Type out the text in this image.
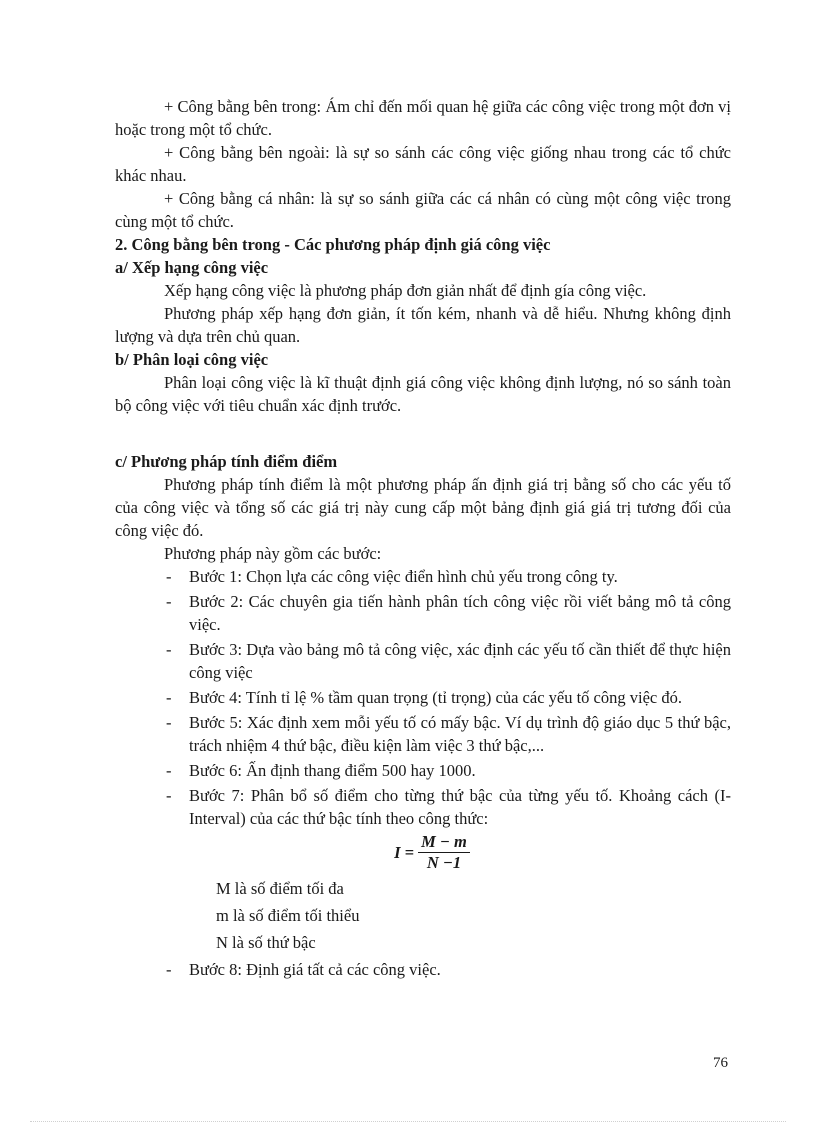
+ Công bằng bên trong: Ám chỉ đến mối quan hệ giữa các công việc trong một đơn vị hoặc trong một tổ chức.

+ Công bằng bên ngoài: là sự so sánh các công việc giống nhau trong các tổ chức khác nhau.

+ Công bằng cá nhân: là sự so sánh giữa các cá nhân có cùng một công việc trong cùng một tổ chức.

2. Công bằng bên trong - Các phương pháp định giá công việc

a/ Xếp hạng công việc

Xếp hạng công việc là phương pháp đơn giản nhất để định gía công việc.

Phương pháp xếp hạng đơn giản, ít tốn kém, nhanh và dễ hiểu. Nhưng không định lượng và dựa trên chủ quan.

b/ Phân loại công việc

Phân loại công việc là kĩ thuật định giá công việc không định lượng, nó so sánh toàn bộ công việc với tiêu chuẩn xác định trước.

c/ Phương pháp tính điểm điểm

Phương pháp tính điểm là một phương pháp ấn định giá trị bằng số cho các yếu tố của công việc và tổng số các giá trị này cung cấp một bảng định giá giá trị tương đối của công việc đó.

Phương pháp này gồm các bước:

- Bước 1: Chọn lựa các công việc điển hình chủ yếu trong công ty.
- Bước 2: Các chuyên gia tiến hành phân tích công việc rồi viết bảng mô tả công việc.
- Bước 3: Dựa vào bảng mô tả công việc, xác định các yếu tố cần thiết để thực hiện công việc
- Bước 4: Tính tỉ lệ % tầm quan trọng (tỉ trọng) của các yếu tố công việc đó.
- Bước 5: Xác định xem mỗi yếu tố có mấy bậc. Ví dụ trình độ giáo dục 5 thứ bậc, trách nhiệm 4 thứ bậc, điều kiện làm việc 3 thứ bậc,...
- Bước 6: Ấn định thang điểm 500 hay 1000.
- Bước 7: Phân bổ số điểm cho từng thứ bậc của từng yếu tố. Khoảng cách (I- Interval) của các thứ bậc tính theo công thức:
$I = \frac{M - m}{N -1}$
M là số điểm tối đa
m là số điểm tối thiểu
N là số thứ bậc
- Bước 8: Định giá tất cả các công việc.
76
